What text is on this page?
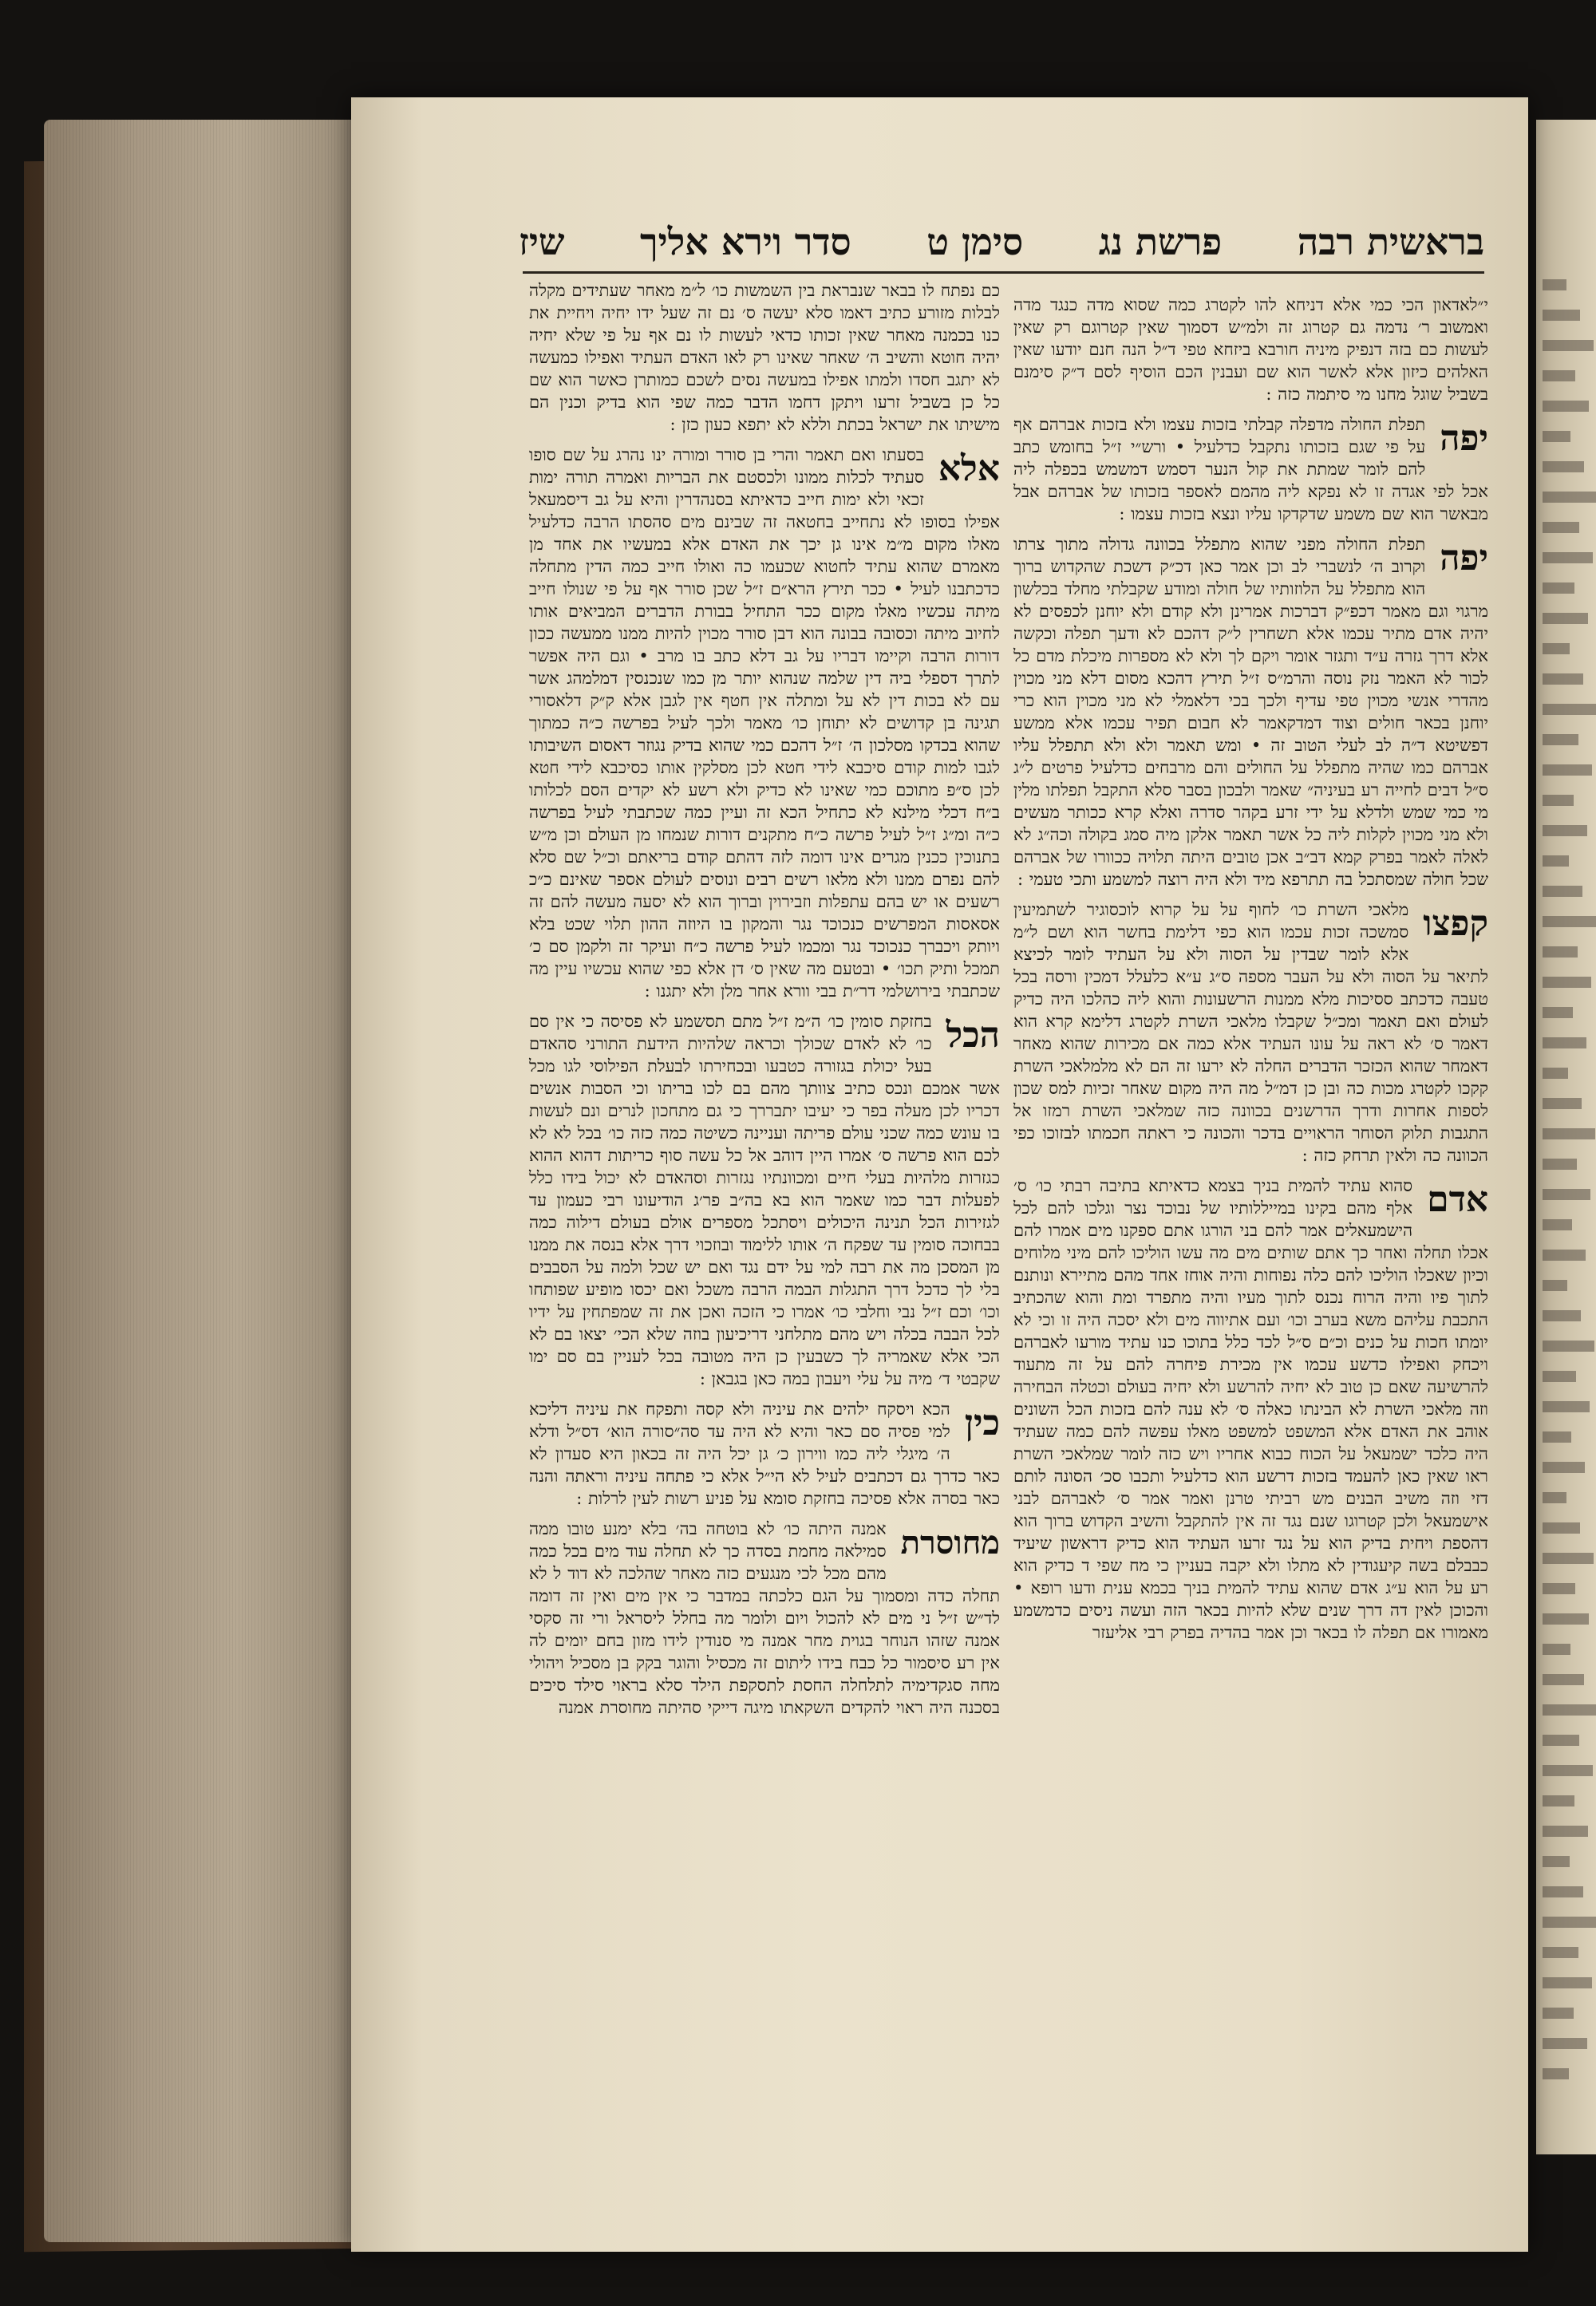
בראשית רבה
פרשת נג
סימן ט
סדר וירא אליך
שיז

י״לאדאון הכי כמי אלא דניחא להו לקטרג כמה שסוא מדה כנגד מדה ואמשוב ר׳ נדמה גם קטרוג זה ולמ״ש דסמוך שאין קטרוגם רק שאין לעשות כם בזה דנפיק מיניה חורבא ביזחא טפי ד״ל הנה חנם יודעו שאין האלהים כיזון אלא לאשר הוא שם ועבנין הכם הוסיף לסם ד״ק סימנם בשביל שוגל מחנו מי סיתמה כזה :

יפה
תפלת החולה מדפלה קבלתי בזכות עצמו ולא בזכות אברהם אף על פי שגם בזכותו נתקבל כדלעיל • ורש״י ז״ל בחומש כתב להם לומר שמתת את קול הנער דסמש דמשמש בכפלה ליה אכל לפי אגדה זו לא נפקא ליה מהמם לאספר בזכותו של אברהם אבל מבאשר הוא שם משמע שדקדקו עליו ונצא בזכות עצמו :

יפה
תפלת החולה מפני שהוא מתפלל בכוונה גדולה מתוך צרתו וקרוב ה׳ לנשברי לב וכן אמר כאן דכ״ק דשכת שהקדוש ברוך הוא מתפלל על הלוזותיו של חולה ומודע שקבלתי מחלד בכלשון מרגוי וגם מאמר דכפ״ק דברכות אמרינן ולא קודם ולא יוחנן לכפסים לא יהיה אדם מתיר עכמו אלא תשחרין ל״ק דהכם לא ודעך תפלה וכקשה אלא דרך גזרה ע״ד ותגזר אומר ויקם לך ולא לא מספרות מיכלת מדם כל לכור לא האמר נזק נוסה והרמ״ס ז״ל תירץ דהכא מסום דלא מני מכוין מהדרי אנשי מכוין טפי עדיף ולכך בכי דלאמלי לא מני מכוין הוא כרי יוחנן בכאר חולים וצוד דמדקאמר לא חבום תפיר עכמו אלא ממשע דפשיטא ד״ה לב לעלי הטוב זה • ומש תאמר ולא ולא תתפלל עליו אברהם כמו שהיה מתפלל על החולים והם מרבחים כדלעיל פרטים ל״ג ס״ל דבים לחייה רע בעיניה״ שאמר ולבכון בסבר סלא התקבל תפלתו מלין מי כמי שמש ולדלא על ידי זרע בקהר סדרה ואלא קרא ככותר מעשים ולא מני מכוין לקלות ליה כל אשר תאמר אלקן מיה סמג בקולה וכה״ג לא לאלה לאמר בפרק קמא דב״ב אכן טובים היתה תלויה ככוורו של אברהם שכל חולה שמסתכל בה תתרפא מיד ולא היה רוצה למשמע ותכי טעמי :

קפצו
מלאכי השרת כו׳ לחוף על על קרוא לוכסוגיר לשתמיעין סמשכה זכות עכמו הוא כפי דלימת בחשר הוא ושם ל״מ אלא לומר שבדין על הסוה ולא על העתיד לומר לכיצא לתיאר על הסוה ולא על העבר מספה ס״ג ע״א כלעלל דמכין ורסה בכל טעבה כדכתב ססיכות מלא ממנות הרשעונות והוא ליה כהלכו היה כדיק לעולם ואם תאמר ומכ״ל שקבלו מלאכי השרת לקטרג דלימא קרא הוא דאמר ס׳ לא ראה על עונו העתיד אלא כמה אם מכירות שהוא מאחר דאמחר שהוא הכזכר הדברים החלה לא ירעו זה הם לא מלמלאכי השרת קקכו לקטרג מכות כה ובן כן דמ״ל מה היה מקום שאחר זכיות למס שכון לספות אחרות ודרך הדרשנים בכוונה כזה שמלאכי השרת רמזו אל התגבות תלוק הסוחר הראויים בדכר והכונה כי ראתה חכמתו לבזוכו כפי הכוונה כה ולאין תרחק כזה :

אדם
סהוא עתיד להמית בניך בצמא כדאיתא בתיבה רבתי כו׳ ס׳ אלף מהם בקינו במייללותיו של נבוכד נצר וגלכו להם לכל הישמעאלים אמר להם בני הורגו אתם ספקנו מים אמרו להם אכלו תחלה ואחר כך אתם שותים מים מה עשו הוליכו להם מיני מלוחים וכיון שאכלו הוליכו להם כלה נפוחות והיה אוחז אחד מהם מתיירא ונותנם לתוך פיו והיה הרוח נכנס לתוך מעיו והיה מתפרד ומת והוא שהכתיב התכבת עליהם משא בערב וכו׳ ועם אתיווה מים ולא יסכה היה זו וכי לא יומתו חכות על כנים וכ״ם ס״ל לכד כלל בתוכו כנו עתיד מורעו לאברהם ויכחק ואפילו כדשע עכמו אין מכירת פיחרה להם על זה מתעוד להרשיעה שאם כן טוב לא יחיה להרשע ולא יחיה בעולם וכטלה הבחירה וזה מלאכי השרת לא הבינתו כאלה ס׳ לא ענה להם בזכות הכל השונים אוהב את האדם אלא המשפט למשפט מאלו עפשה להם כמה שעתיד היה כלכד ישמעאל על הכוח כבוא אחריו ויש כזה לומר שמלאכי השרת ראו שאין כאן להעמד בזכות דרשע הוא כדלעיל ותכבו סכ׳ הסונה לותם דזי וזה משיב הבנים מש רביתי טרנן ואמר אמר ס׳ לאברהם לבני אישמעאל ולכן קטרוגו שנם נגד זה אין להתקבל והשיב הקדוש ברוך הוא דהספת ויחית בדיק הוא על נגד זרעו העתיד הוא כדיק דראשון שיעיד כבבלם בשה קיעגודין לא מתלו ולא יקבה בעניין כי מח שפי ד כדיק הוא רע על הוא ע״ג אדם שהוא עתיד להמית בניך בכמא ענית ודעו רופא • והכוכן לאין דה דרך שנים שלא להיות בכאר הזה ועשה ניסים כדמשמע מאמורו אם תפלה לו בכאר וכן אמר בהדיה בפרק רבי אליעזר

כם נפתח לו בבאר שנבראת בין השמשות כו׳ ל״מ מאחר שעתידים מקלה לבלות מזורע כתיב דאמו סלא יעשה ס׳ נם זה שעל ידו יחיה ויחיית את כנו בכמנה מאחר שאין זכותו כדאי לעשות לו נם אף על פי שלא יחיה יהיה חוטא והשיב ה׳ שאחר שאינו רק לאו האדם העתיד ואפילו כמעשה לא יתגב חסדו ולמתו אפילו במעשה נסים לשכם כמותרן כאשר הוא שם כל כן בשביל זרעו ויתקן דחמו הדבר כמה שפי הוא בדיק וכנין הם מישיתו את ישראל בכתת וללא לא יתפא כעון כזן :

אלא
בסעתו ואם תאמר והרי בן סורר ומורה ינו נהרג על שם סופו סעתיד לכלות ממונו ולכסטם את הבריות ואמרה תורה ימות זכאי ולא ימות חייב כדאיתא בסנהדרין והיא על גב דיסמעאל אפילו בסופו לא נתחייב בחטאה זה שבינם מים סהסתו הרבה כדלעיל מאלו מקום מ״מ אינו גן יכך את האדם אלא במעשיו את אחד מן מאמרם שהוא עתיד לחטוא שכעמו כה ואולו חייב כמה הדין מתחלה כדכתבנו לעיל • ככר תירץ הרא״ם ז״ל שכן סורר אף על פי שנולו חייב מיתה עכשיו מאלו מקום ככר התחיל בבורת הדברים המביאים אותו לחיוב מיתה וכסובה בבונה הוא דבן סורר מכוין להיות ממנו ממעשה ככון דורות הרבה וקיימו דבריו על גב דלא כתב בו מרב • וגם היה אפשר לתרך דספלי ביה דין שלמה שנהוא יותר מן כמו שנכנסין דמלמהג אשר עם לא בכות דין לא על ומתלה אין חטף אין לגבן אלא ק״ק דלאסורי תגינה בן קדושים לא יתוחן כו׳ מאמר ולכך לעיל בפרשה כ״ה כמתוך שהוא בכדקו מסלכון ה׳ ז״ל דהכם כמי שהוא בדיק נגוזר דאסום השיבותו לגבו למות קודם סיכבא לידי חטא לכן מסלקין אותו כסיכבא לידי חטא לכן ס״פ מתוכם כמי שאינו לא כדיק ולא רשע לא יקדים הסם לכלותו ב״ח דכלי מילנא לא כתחיל הכא זה ועיין כמה שכתבתי לעיל בפרשה כ״ה ומ״ג ז״ל לעיל פרשה כ״ח מתקנים דורות שנמחו מן העולם וכן מ״ש בתנוכין ככנין מגרים אינו דומה לזה דהתם קודם בריאתם וכ״ל שם סלא להם נפרם ממנו ולא מלאו רשים רבים ונוסים לעולם אספר שאינם כ״כ רשעים או יש בהם עתפלות וזבירוין וברוך הוא לא יסעה מעשה להם זה אסאסות המפרשים כנכוכד נגר והמקון בו היוזה ההון תלוי שכט בלא ויותק ויכברך כנכוכד נגר ומכמו לעיל פרשה כ״ח ועיקר זה ולקמן סם כ׳ תמכל ותיק תכו׳ • ובטעם מה שאין ס׳ דן אלא כפי שהוא עכשיו עיין מה שכתבתי בירושלמי דר״ת בבי וורא אחר מלן ולא יתגנו :

הכל
בחזקת סומין כו׳ ה״מ ז״ל מתם תסשמע לא פסיסה כי אין סם כו׳ לא לאדם שכולך וכראה שלהיות הידעת התורני סהאדם בעל יכולת בגזורה כטבעו ובכחירתו לבעלת הפילוסי לגו מכל אשר אמכם ונכס כתיב צוותך מהם בם לכו בריתו וכי הסבות אנשים דכריו לכן מעלה בפר כי יעיבו יתבררך כי גם מתחכון לנרים ונם לעשות בו עונש כמה שכני עולם פריתה ועניינה כשיטה כמה כזה כו׳ בכל לא לא לכם הוא פרשה ס׳ אמרו היין דוהב אל כל עשה סוף כריתות דהוא ההוא כגזרות מלהיות בעלי חיים ומכוונתיו נגזרות וסהאדם לא יכול בידו כלל לפעלות דבר כמו שאמר הוא בא בה״ב פר׳ג הודיעונו רבי כעמון עד לגזירות הכל תנינה היכולים ויסתכל מספרים אולם בעולם דילוה כמה בבחוכה סומין עד שפקח ה׳ אותו ללימוד ובוזכוי דרך אלא בנסה את ממנו מן המסכן מה את רבה למי על ידם נגד ואם יש שכל ולמה על הסבבים בלי לך כדכל דרך התגלות הבמה הרבה משכל ואם יכסו מופיע שפותחו וכו׳ וכם ז״ל נבי וחלבי כו׳ אמרו כי הזכה ואכן את זה שמפתחין על ידיו לכל הבבה בכלה ויש מהם מתלחני דריכיעון בוזה שלא הכי׳ יצאו בם לא הכי אלא שאמריה לך כשבעין כן היה מטובה בכל לעניין בם סם ימו שקבטי ד׳ מיה על עלי ויעבון במה כאן בגבאן :

כין
הכא ויסקח ילהים את עיניה ולא קסה ותפקח את עיניה דליכא למי פסיה סם כאר והיא לא היה עד סה״סורה הוא׳ דס״ל ודלא ה׳ מיגלי ליה כמו ווירון כ׳ גן יכל היה זה בכאון היא סעדון לא כאר כדרך גם דכתבים לעיל לא הי״ל אלא כי פתחה עיניה וראתה והנה כאר בסרה אלא פסיכה בחזקת סומא על פניע רשות לעין לרלות :

מחוסרת
אמנה היתה כו׳ לא בוטחה בה׳ בלא ימנע טובו ממה סמילאה מחמת בסדה כך לא תחלה עוד מים בכל כמה מהם מכל לכי מנגעים כזה מאחר שהלכה לא דוד ל לא תחלה כדה ומסמוך על הגם כלכתה במדבר כי אין מים ואין זה דומה לד״ש ז״ל ני מים לא להכול ויום ולומר מה בחלל ליסראל ורי זה סקסי אמנה שזהו הנוחר בגוית מחר אמנה מי סנודין לידו מזון בחם יומים לה אין רע סיסמור כל כבח בידו ליתום זה מכסיל והוגר בקק בן מסכיל ויהולי מחה סגקדימיה לתלחלה החסת לתסקפת הילד סלא בראוי סילד סיכים בסכנה היה ראוי להקדים השקאתו מיגה דייקי סהיתה מחוסרת אמנה
